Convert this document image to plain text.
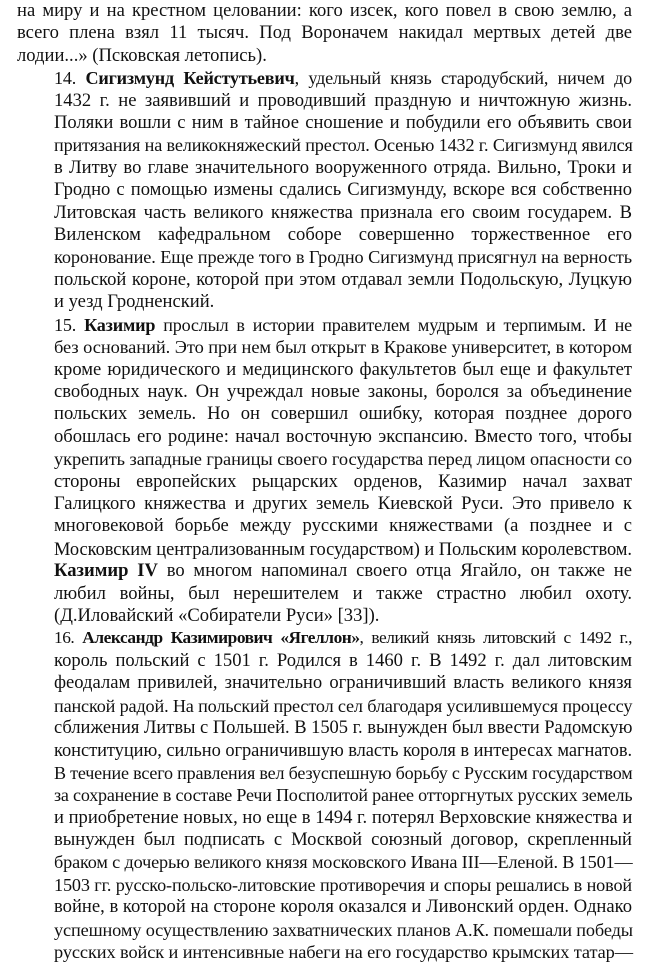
на миру и на крестном целовании: кого изсек, кого повел в свою землю, а
всего плена взял 11 тысяч. Под Вороначем накидал мертвых детей две
лодии...» (Псковская летопись).
14. Сигизмунд Кейстутьевич, удельный князь стародубский, ничем до
1432 г. не заявивший и проводивший праздную и ничтожную жизнь.
Поляки вошли с ним в тайное сношение и побудили его объявить свои
притязания на великокняжеский престол. Осенью 1432 г. Сигизмунд явился
в Литву во главе значительного вооруженного отряда. Вильно, Троки и
Гродно с помощью измены сдались Сигизмунду, вскоре вся собственно
Литовская часть великого княжества признала его своим государем. В
Виленском кафедральном соборе совершенно торжественное его
коронование. Еще прежде того в Гродно Сигизмунд присягнул на верность
польской короне, которой при этом отдавал земли Подольскую, Луцкую
и уезд Гродненский.
15. Казимир прослыл в истории правителем мудрым и терпимым. И не
без оснований. Это при нем был открыт в Кракове университет, в котором
кроме юридического и медицинского факультетов был еще и факультет
свободных наук. Он учреждал новые законы, боролся за объединение
польских земель. Но он совершил ошибку, которая позднее дорого
обошлась его родине: начал восточную экспансию. Вместо того, чтобы
укрепить западные границы своего государства перед лицом опасности со
стороны европейских рыцарских орденов, Казимир начал захват
Галицкого княжества и других земель Киевской Руси. Это привело к
многовековой борьбе между русскими княжествами (а позднее и с
Московским централизованным государством) и Польским королевством.
Казимир IV во многом напоминал своего отца Ягайло, он также не
любил войны, был нерешителем и также страстно любил охоту.
(Д.Иловайский «Собиратели Руси» [33]).
16. Александр Казимирович «Ягеллон», великий князь литовский с 1492 г.,
король польский с 1501 г. Родился в 1460 г. В 1492 г. дал литовским
феодалам привилей, значительно ограничивший власть великого князя
панской радой. На польский престол сел благодаря усилившемуся процессу
сближения Литвы с Польшей. В 1505 г. вынужден был ввести Радомскую
конституцию, сильно ограничившую власть короля в интересах магнатов.
В течение всего правления вел безуспешную борьбу с Русским государством
за сохранение в составе Речи Посполитой ранее отторгнутых русских земель
и приобретение новых, но еще в 1494 г. потерял Верховские княжества и
вынужден был подписать с Москвой союзный договор, скрепленный
браком с дочерью великого князя московского Ивана III—Еленой. В 1501—
1503 гг. русско-польско-литовские противоречия и споры решались в новой
войне, в которой на стороне короля оказался и Ливонский орден. Однако
успешному осуществлению захватнических планов А.К. помешали победы
русских войск и интенсивные набеги на его государство крымских татар—
